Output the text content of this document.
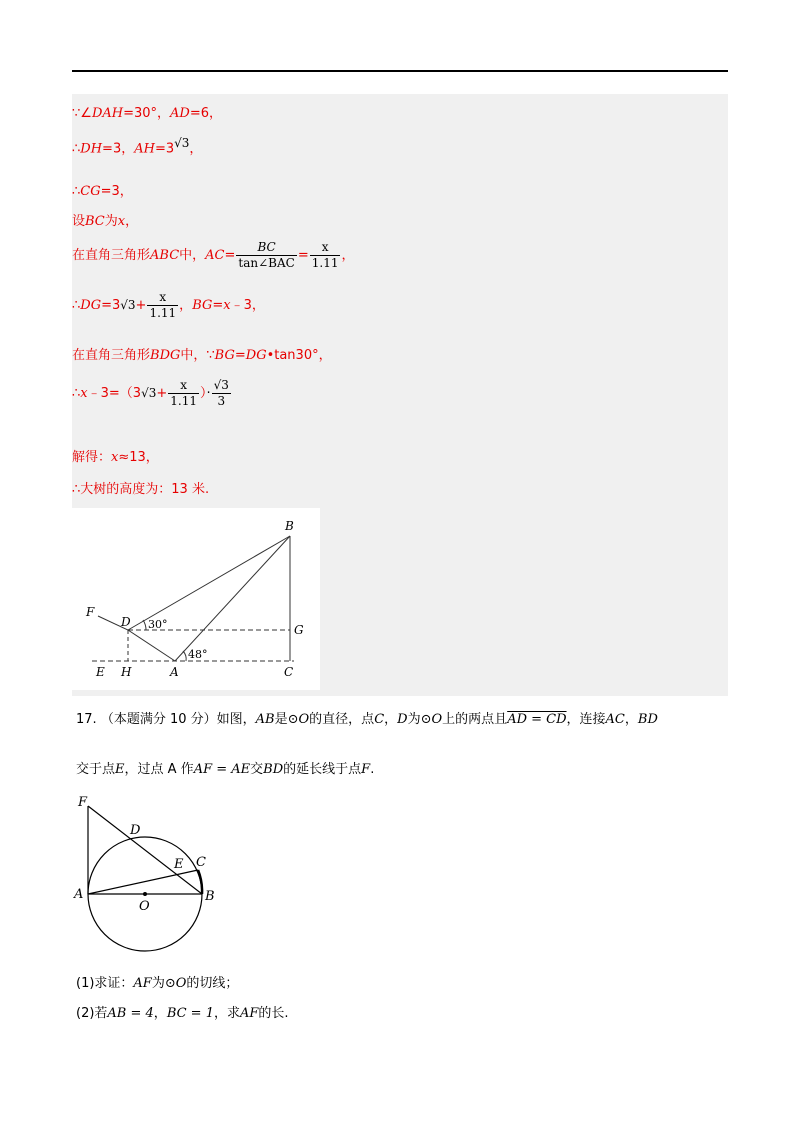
∵∠DAH=30°，AD=6，
∴DH=3，$AH=3^{√3}$，
∴CG=3，
设BC为x，
在直角三角形ABC中，$AC= \frac{BC}{\text{tan∠BAC}} = \frac{x}{1.11}$ ，
∴DG=3√3+ $\frac{x}{1.11}$ ，BG=x﹣3，
在直角三角形BDG中，∵BG=DG•tan30°，
∴x﹣3=（3√3+ $\frac{x}{1.11}$ ）· $\frac{√3}{3}$
解得：x≈13，
∴大树的高度为：13 米.
B
F
D
G
E H	A	C
30°
48°
17. （本题满分 10 分）如图，AB是⊙O的直径，点C，D为⊙O上的两点且AD = CD，连接AC，BD
交于点E，过点 A 作AF = AE交BD的延长线于点F.
F
D
E C
A
O
B
(1)求证：AF为⊙O的切线；
(2)若AB = 4，BC = 1，求AF的长.
